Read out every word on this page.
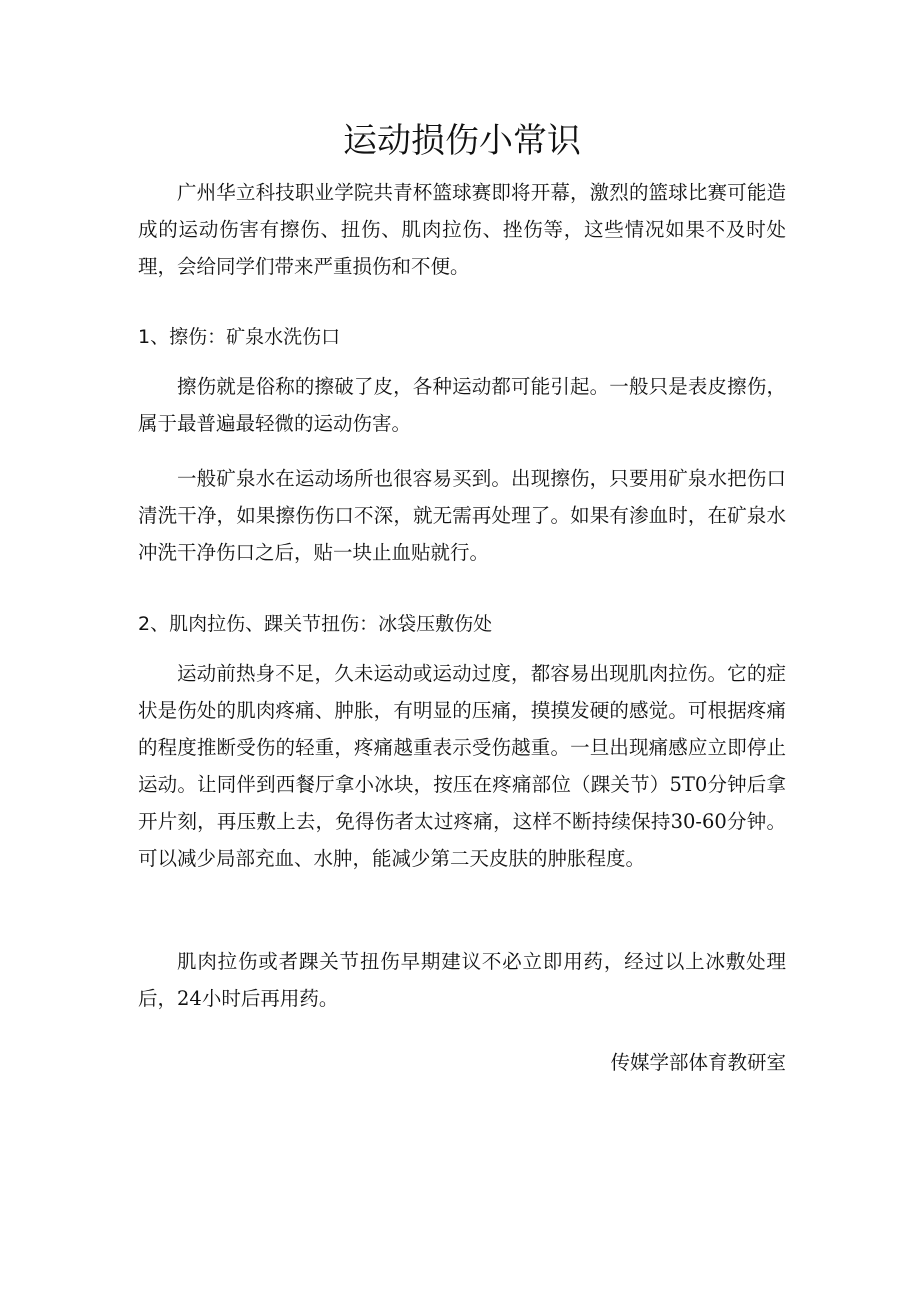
运动损伤小常识

广州华立科技职业学院共青杯篮球赛即将开幕，激烈的篮球比赛可能造成的运动伤害有擦伤、扭伤、肌肉拉伤、挫伤等，这些情况如果不及时处理，会给同学们带来严重损伤和不便。

1、擦伤：矿泉水洗伤口

擦伤就是俗称的擦破了皮，各种运动都可能引起。一般只是表皮擦伤，属于最普遍最轻微的运动伤害。

一般矿泉水在运动场所也很容易买到。出现擦伤，只要用矿泉水把伤口清洗干净，如果擦伤伤口不深，就无需再处理了。如果有渗血时，在矿泉水冲洗干净伤口之后，贴一块止血贴就行。

2、肌肉拉伤、踝关节扭伤：冰袋压敷伤处

运动前热身不足，久未运动或运动过度，都容易出现肌肉拉伤。它的症状是伤处的肌肉疼痛、肿胀，有明显的压痛，摸摸发硬的感觉。可根据疼痛的程度推断受伤的轻重，疼痛越重表示受伤越重。一旦出现痛感应立即停止运动。让同伴到西餐厅拿小冰块，按压在疼痛部位（踝关节）5T0分钟后拿开片刻，再压敷上去，免得伤者太过疼痛，这样不断持续保持30-60分钟。可以减少局部充血、水肿，能减少第二天皮肤的肿胀程度。

肌肉拉伤或者踝关节扭伤早期建议不必立即用药，经过以上冰敷处理后，24小时后再用药。

传媒学部体育教研室
